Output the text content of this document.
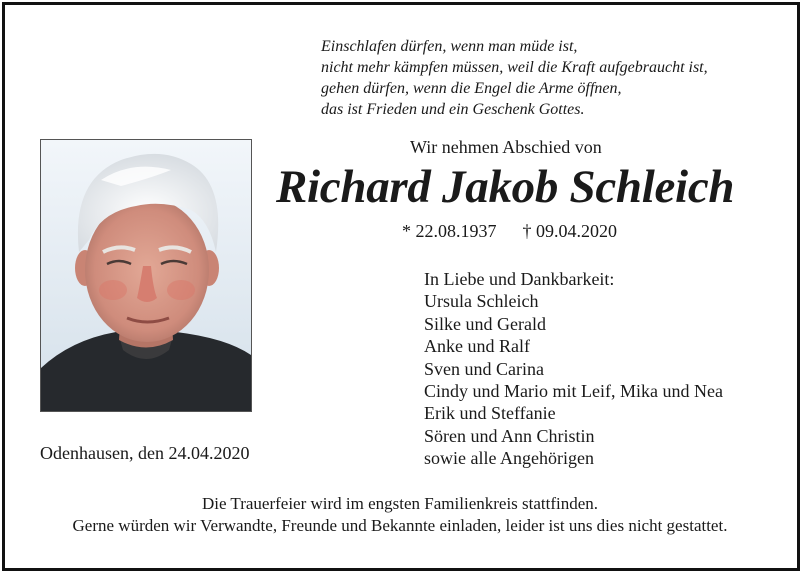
Einschlafen dürfen, wenn man müde ist,
nicht mehr kämpfen müssen, weil die Kraft aufgebraucht ist,
gehen dürfen, wenn die Engel die Arme öffnen,
das ist Frieden und ein Geschenk Gottes.
Wir nehmen Abschied von
Richard Jakob Schleich
* 22.08.1937 † 09.04.2020
In Liebe und Dankbarkeit:
Ursula Schleich
Silke und Gerald
Anke und Ralf
Sven und Carina
Cindy und Mario mit Leif, Mika und Nea
Erik und Steffanie
Sören und Ann Christin
sowie alle Angehörigen
Odenhausen, den 24.04.2020
Die Trauerfeier wird im engsten Familienkreis stattfinden.
Gerne würden wir Verwandte, Freunde und Bekannte einladen, leider ist uns dies nicht gestattet.
